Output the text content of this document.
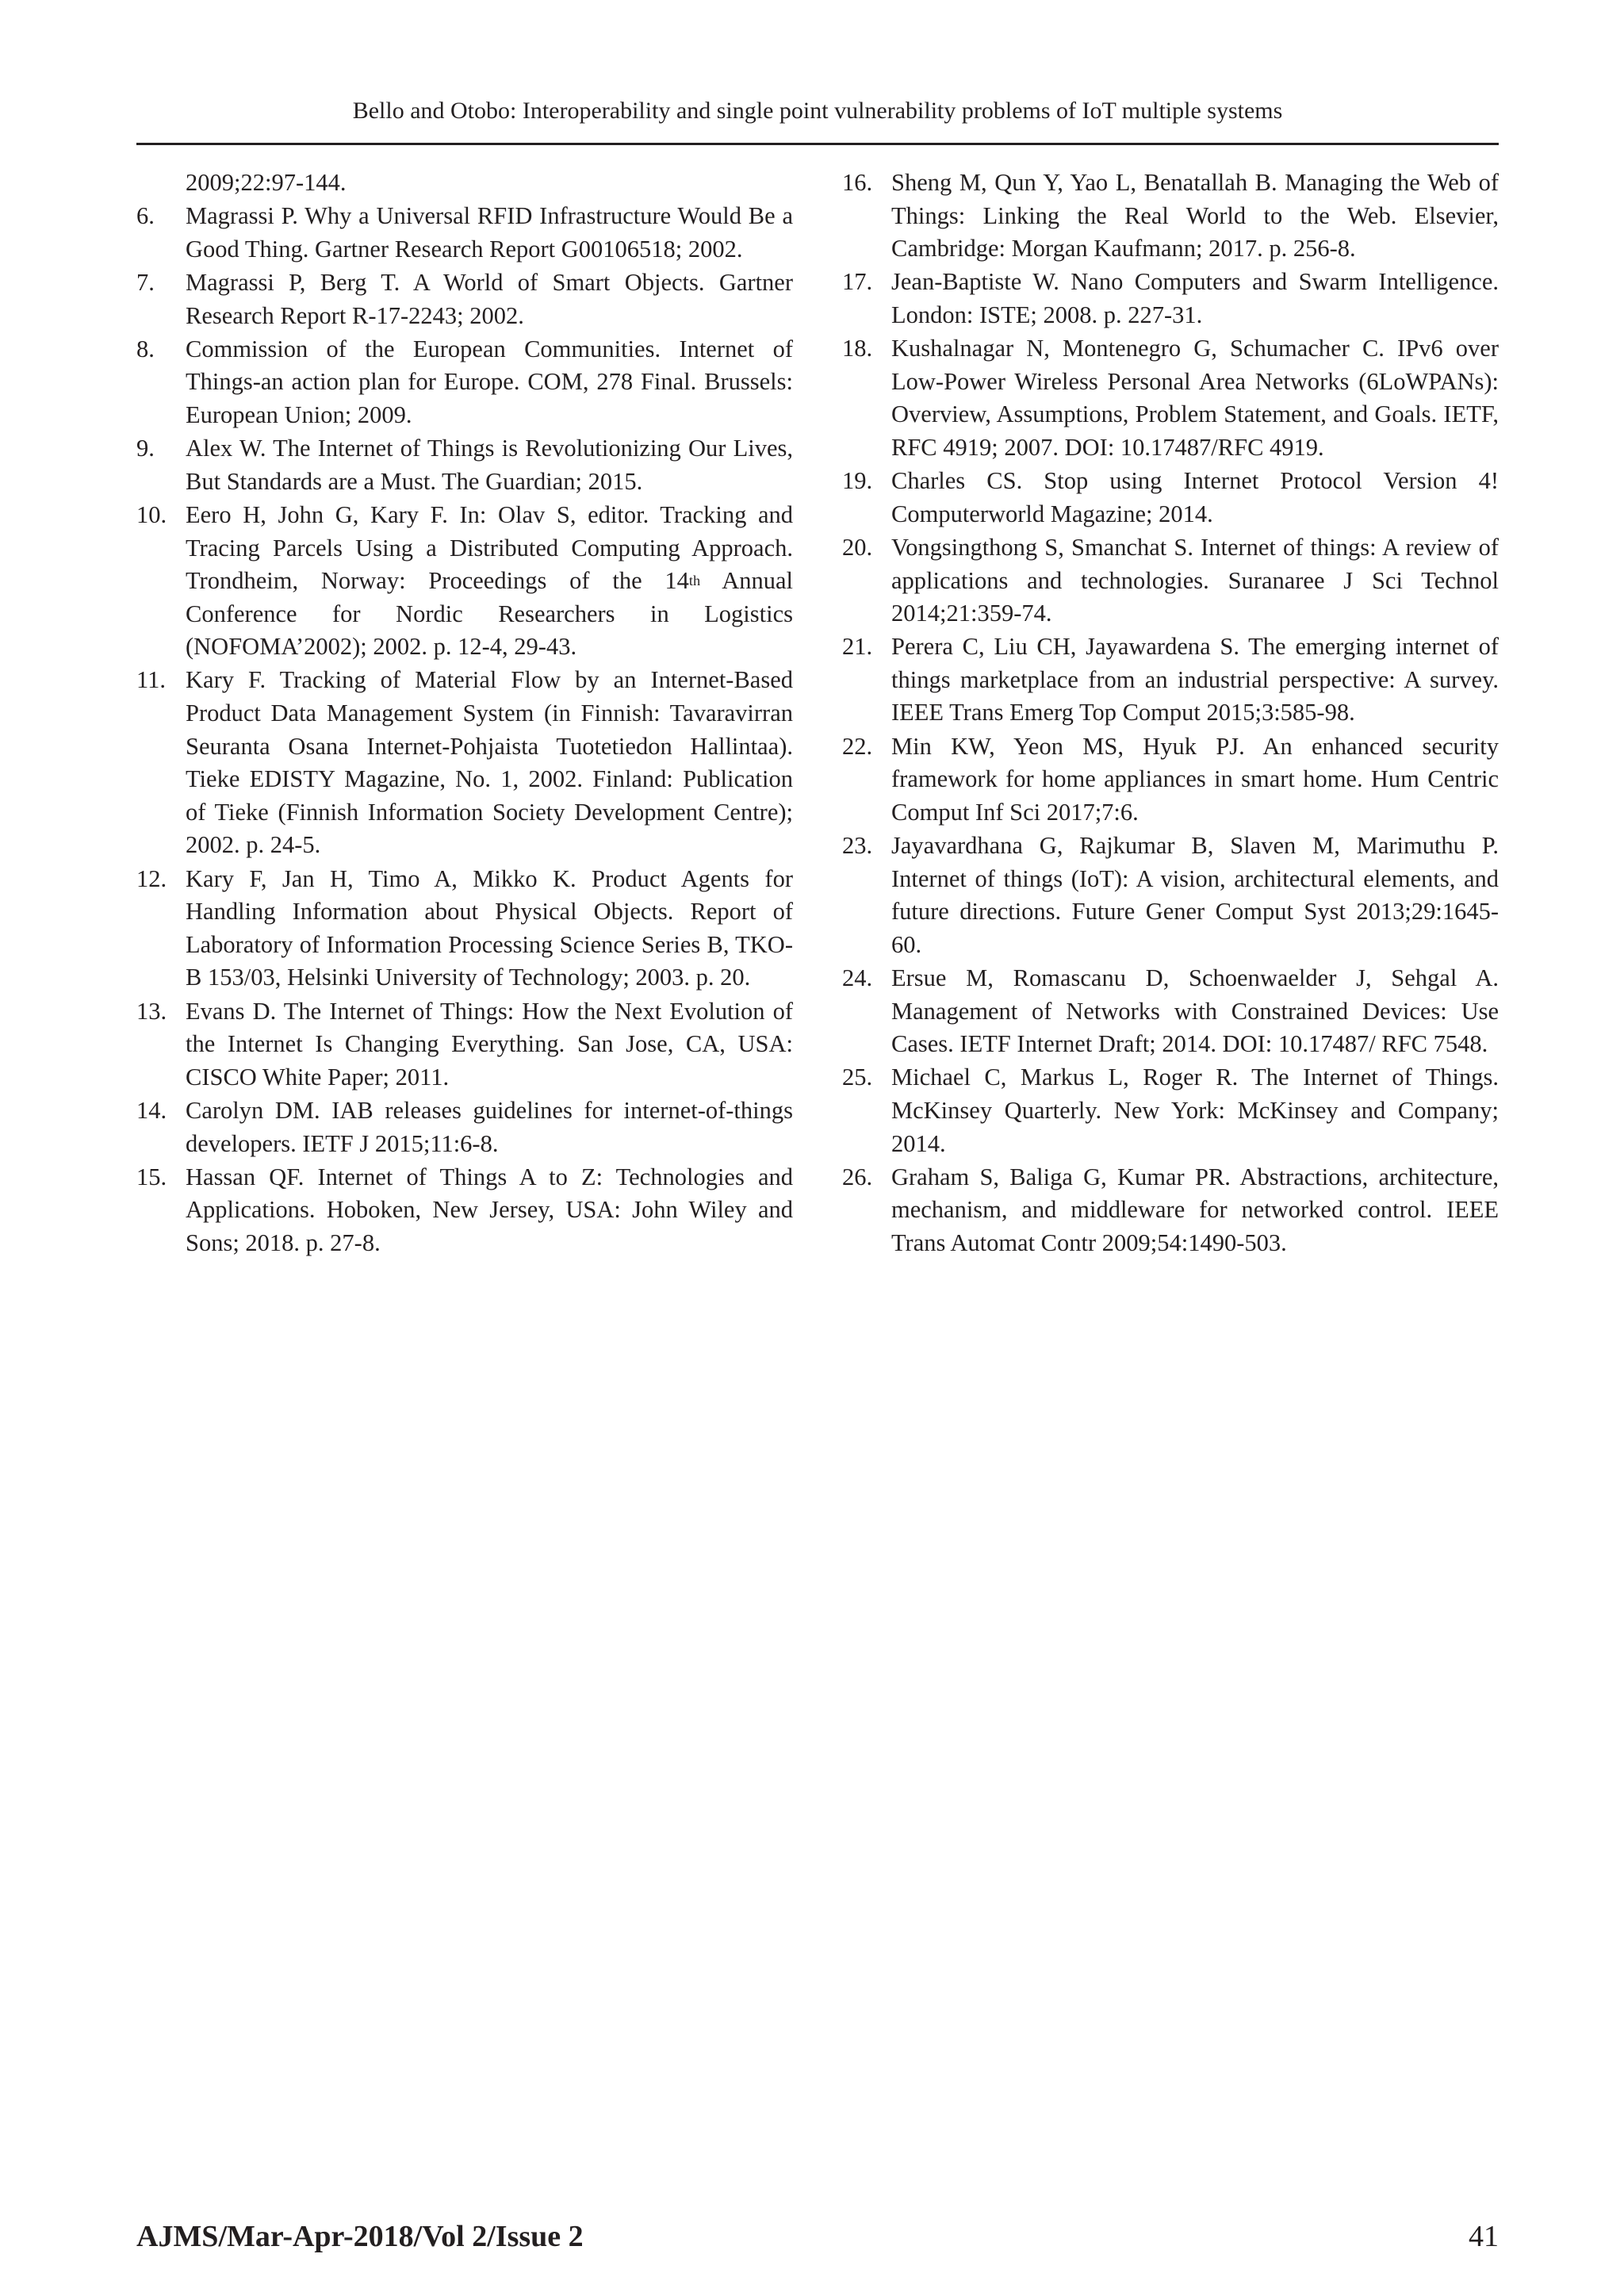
Bello and Otobo: Interoperability and single point vulnerability problems of IoT multiple systems
2009;22:97-144.
6.	Magrassi P. Why a Universal RFID Infrastructure Would Be a Good Thing. Gartner Research Report G00106518; 2002.
7.	Magrassi P, Berg T. A World of Smart Objects. Gartner Research Report R-17-2243; 2002.
8.	Commission of the European Communities. Internet of Things-an action plan for Europe. COM, 278 Final. Brussels: European Union; 2009.
9.	Alex W. The Internet of Things is Revolutionizing Our Lives, But Standards are a Must. The Guardian; 2015.
10. Eero H, John G, Kary F. In: Olav S, editor. Tracking and Tracing Parcels Using a Distributed Computing Approach. Trondheim, Norway: Proceedings of the 14th Annual Conference for Nordic Researchers in Logistics (NOFOMA’2002); 2002. p. 12-4, 29-43.
11. Kary F. Tracking of Material Flow by an Internet-Based Product Data Management System (in Finnish: Tavaravirran Seuranta Osana Internet-Pohjaista Tuotetiedon Hallintaa). Tieke EDISTY Magazine, No. 1, 2002. Finland: Publication of Tieke (Finnish Information Society Development Centre); 2002. p. 24-5.
12. Kary F, Jan H, Timo A, Mikko K. Product Agents for Handling Information about Physical Objects. Report of Laboratory of Information Processing Science Series B, TKO-B 153/03, Helsinki University of Technology; 2003. p. 20.
13. Evans D. The Internet of Things: How the Next Evolution of the Internet Is Changing Everything. San Jose, CA, USA: CISCO White Paper; 2011.
14. Carolyn DM. IAB releases guidelines for internet-of-things developers. IETF J 2015;11:6-8.
15. Hassan QF. Internet of Things A to Z: Technologies and Applications. Hoboken, New Jersey, USA: John Wiley and Sons; 2018. p. 27-8.
16. Sheng M, Qun Y, Yao L, Benatallah B. Managing the Web of Things: Linking the Real World to the Web. Elsevier, Cambridge: Morgan Kaufmann; 2017. p. 256-8.
17. Jean-Baptiste W. Nano Computers and Swarm Intelligence. London: ISTE; 2008. p. 227-31.
18. Kushalnagar N, Montenegro G, Schumacher C. IPv6 over Low-Power Wireless Personal Area Networks (6LoWPANs): Overview, Assumptions, Problem Statement, and Goals. IETF, RFC 4919; 2007. DOI: 10.17487/RFC 4919.
19. Charles CS. Stop using Internet Protocol Version 4! Computerworld Magazine; 2014.
20. Vongsingthong S, Smanchat S. Internet of things: A review of applications and technologies. Suranaree J Sci Technol 2014;21:359-74.
21. Perera C, Liu CH, Jayawardena S. The emerging internet of things marketplace from an industrial perspective: A survey. IEEE Trans Emerg Top Comput 2015;3:585-98.
22. Min KW, Yeon MS, Hyuk PJ. An enhanced security framework for home appliances in smart home. Hum Centric Comput Inf Sci 2017;7:6.
23. Jayavardhana G, Rajkumar B, Slaven M, Marimuthu P. Internet of things (IoT): A vision, architectural elements, and future directions. Future Gener Comput Syst 2013;29:1645-60.
24. Ersue M, Romascanu D, Schoenwaelder J, Sehgal A. Management of Networks with Constrained Devices: Use Cases. IETF Internet Draft; 2014. DOI: 10.17487/ RFC 7548.
25. Michael C, Markus L, Roger R. The Internet of Things. McKinsey Quarterly. New York: McKinsey and Company; 2014.
26. Graham S, Baliga G, Kumar PR. Abstractions, architecture, mechanism, and middleware for networked control. IEEE Trans Automat Contr 2009;54:1490-503.
AJMS/Mar-Apr-2018/Vol 2/Issue 2	41
